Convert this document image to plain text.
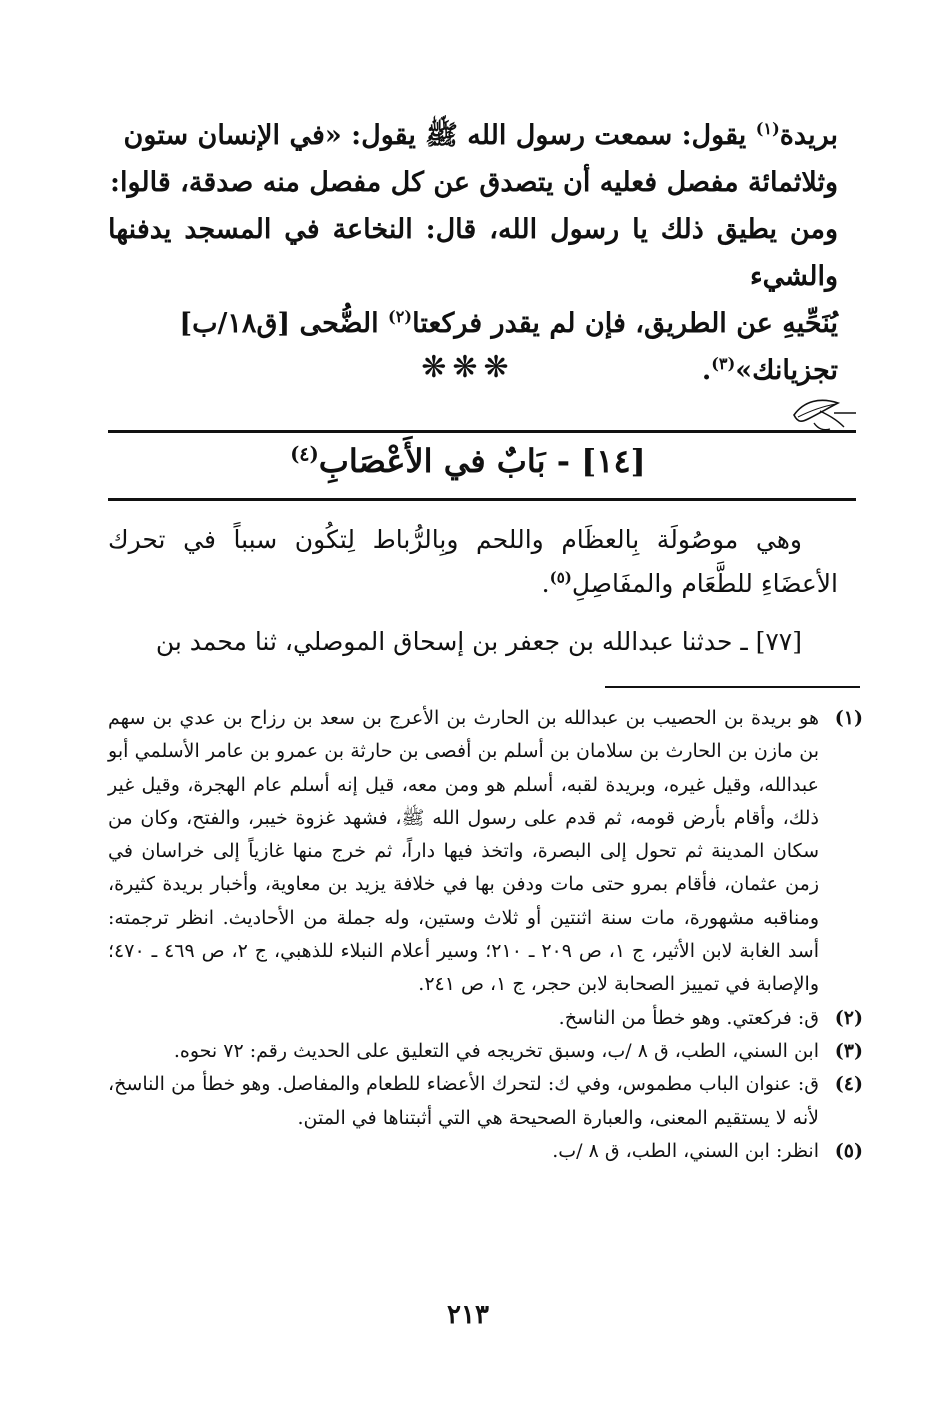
بريدة$^{(١)}$ يقول: سمعت رسول الله ﷺ يقول: «في الإنسان ستون
وثلاثمائة مفصل فعليه أن يتصدق عن كل مفصل منه صدقة، قالوا:
ومن يطيق ذلك يا رسول الله، قال: النخاعة في المسجد يدفنها والشيء
يُنَحِّيهِ عن الطريق، فإن لم يقدر فركعتا$^{(٢)}$ الضُّحى [ق١٨/ب]
تجزيانك»$^{(٣)}$.
❋❋❋
[١٤] - بَابٌ في الأَعْصَابِ$^{(٤)}$

وهي موصُولَة بِالعظَام واللحم وبِالرُّباط لِتكُون سبباً في تحرك الأعضَاءِ للطَّعَام والمفَاصِلِ$^{(٥)}$.

[٧٧] ـ حدثنا عبدالله بن جعفر بن إسحاق الموصلي، ثنا محمد بن

(١)
هو بريدة بن الحصيب بن عبدالله بن الحارث بن الأعرج بن سعد بن رزاح بن عدي بن سهم بن مازن بن الحارث بن سلامان بن أسلم بن أفصى بن حارثة بن عمرو بن عامر الأسلمي أبو عبدالله، وقيل غيره، وبريدة لقبه، أسلم هو ومن معه، قيل إنه أسلم عام الهجرة، وقيل غير ذلك، وأقام بأرض قومه، ثم قدم على رسول الله ﷺ، فشهد غزوة خيبر، والفتح، وكان من سكان المدينة ثم تحول إلى البصرة، واتخذ فيها داراً، ثم خرج منها غازياً إلى خراسان في زمن عثمان، فأقام بمرو حتى مات ودفن بها في خلافة يزيد بن معاوية، وأخبار بريدة كثيرة، ومناقبه مشهورة، مات سنة اثنتين أو ثلاث وستين، وله جملة من الأحاديث. انظر ترجمته: أسد الغابة لابن الأثير، ج ١، ص ٢٠٩ ـ ٢١٠؛ وسير أعلام النبلاء للذهبي، ج ٢، ص ٤٦٩ ـ ٤٧٠؛ والإصابة في تمييز الصحابة لابن حجر، ج ١، ص ٢٤١.
(٢)
ق: فركعتي. وهو خطأ من الناسخ.
(٣)
ابن السني، الطب، ق ٨ /ب، وسبق تخريجه في التعليق على الحديث رقم: ٧٢ نحوه.
(٤)
ق: عنوان الباب مطموس، وفي ك: لتحرك الأعضاء للطعام والمفاصل. وهو خطأ من الناسخ، لأنه لا يستقيم المعنى، والعبارة الصحيحة هي التي أثبتناها في المتن.
(٥)
انظر: ابن السني، الطب، ق ٨ /ب.
٢١٣
